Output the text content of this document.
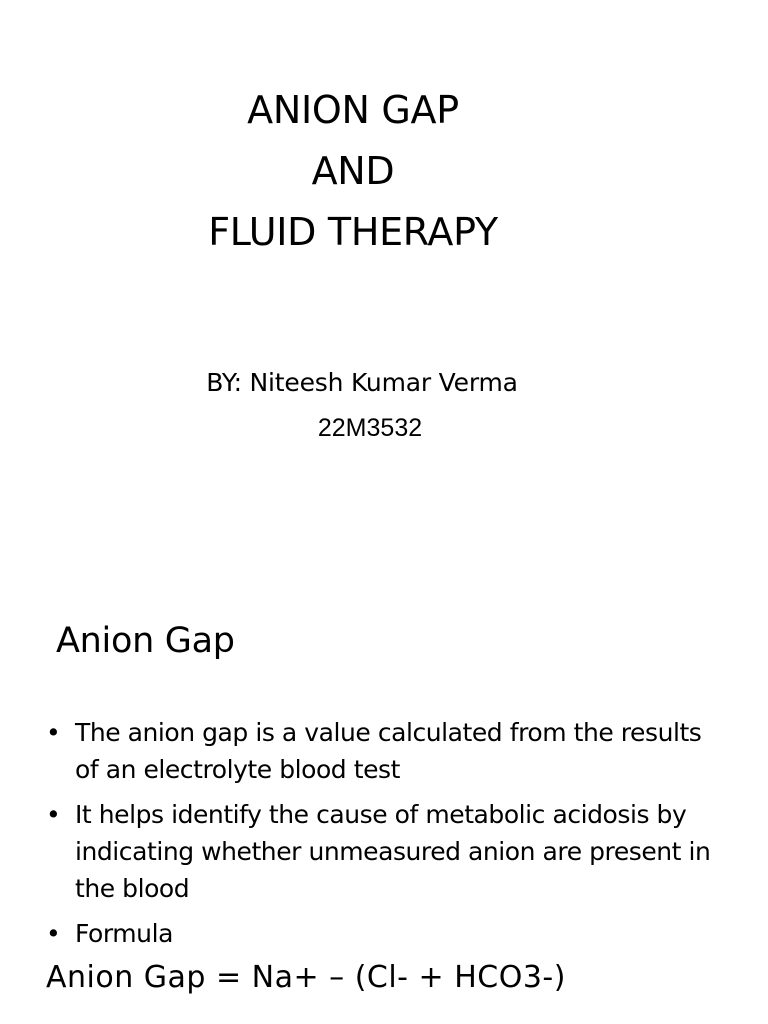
ANION GAP
AND
FLUID THERAPY
BY: Niteesh Kumar Verma
22M3532
Anion Gap
• The anion gap is a value calculated from the results of an electrolyte blood test
• It helps identify the cause of metabolic acidosis by indicating whether unmeasured anion are present in the blood
• Formula
Anion Gap = Na+ – (Cl- + HCO3-)
